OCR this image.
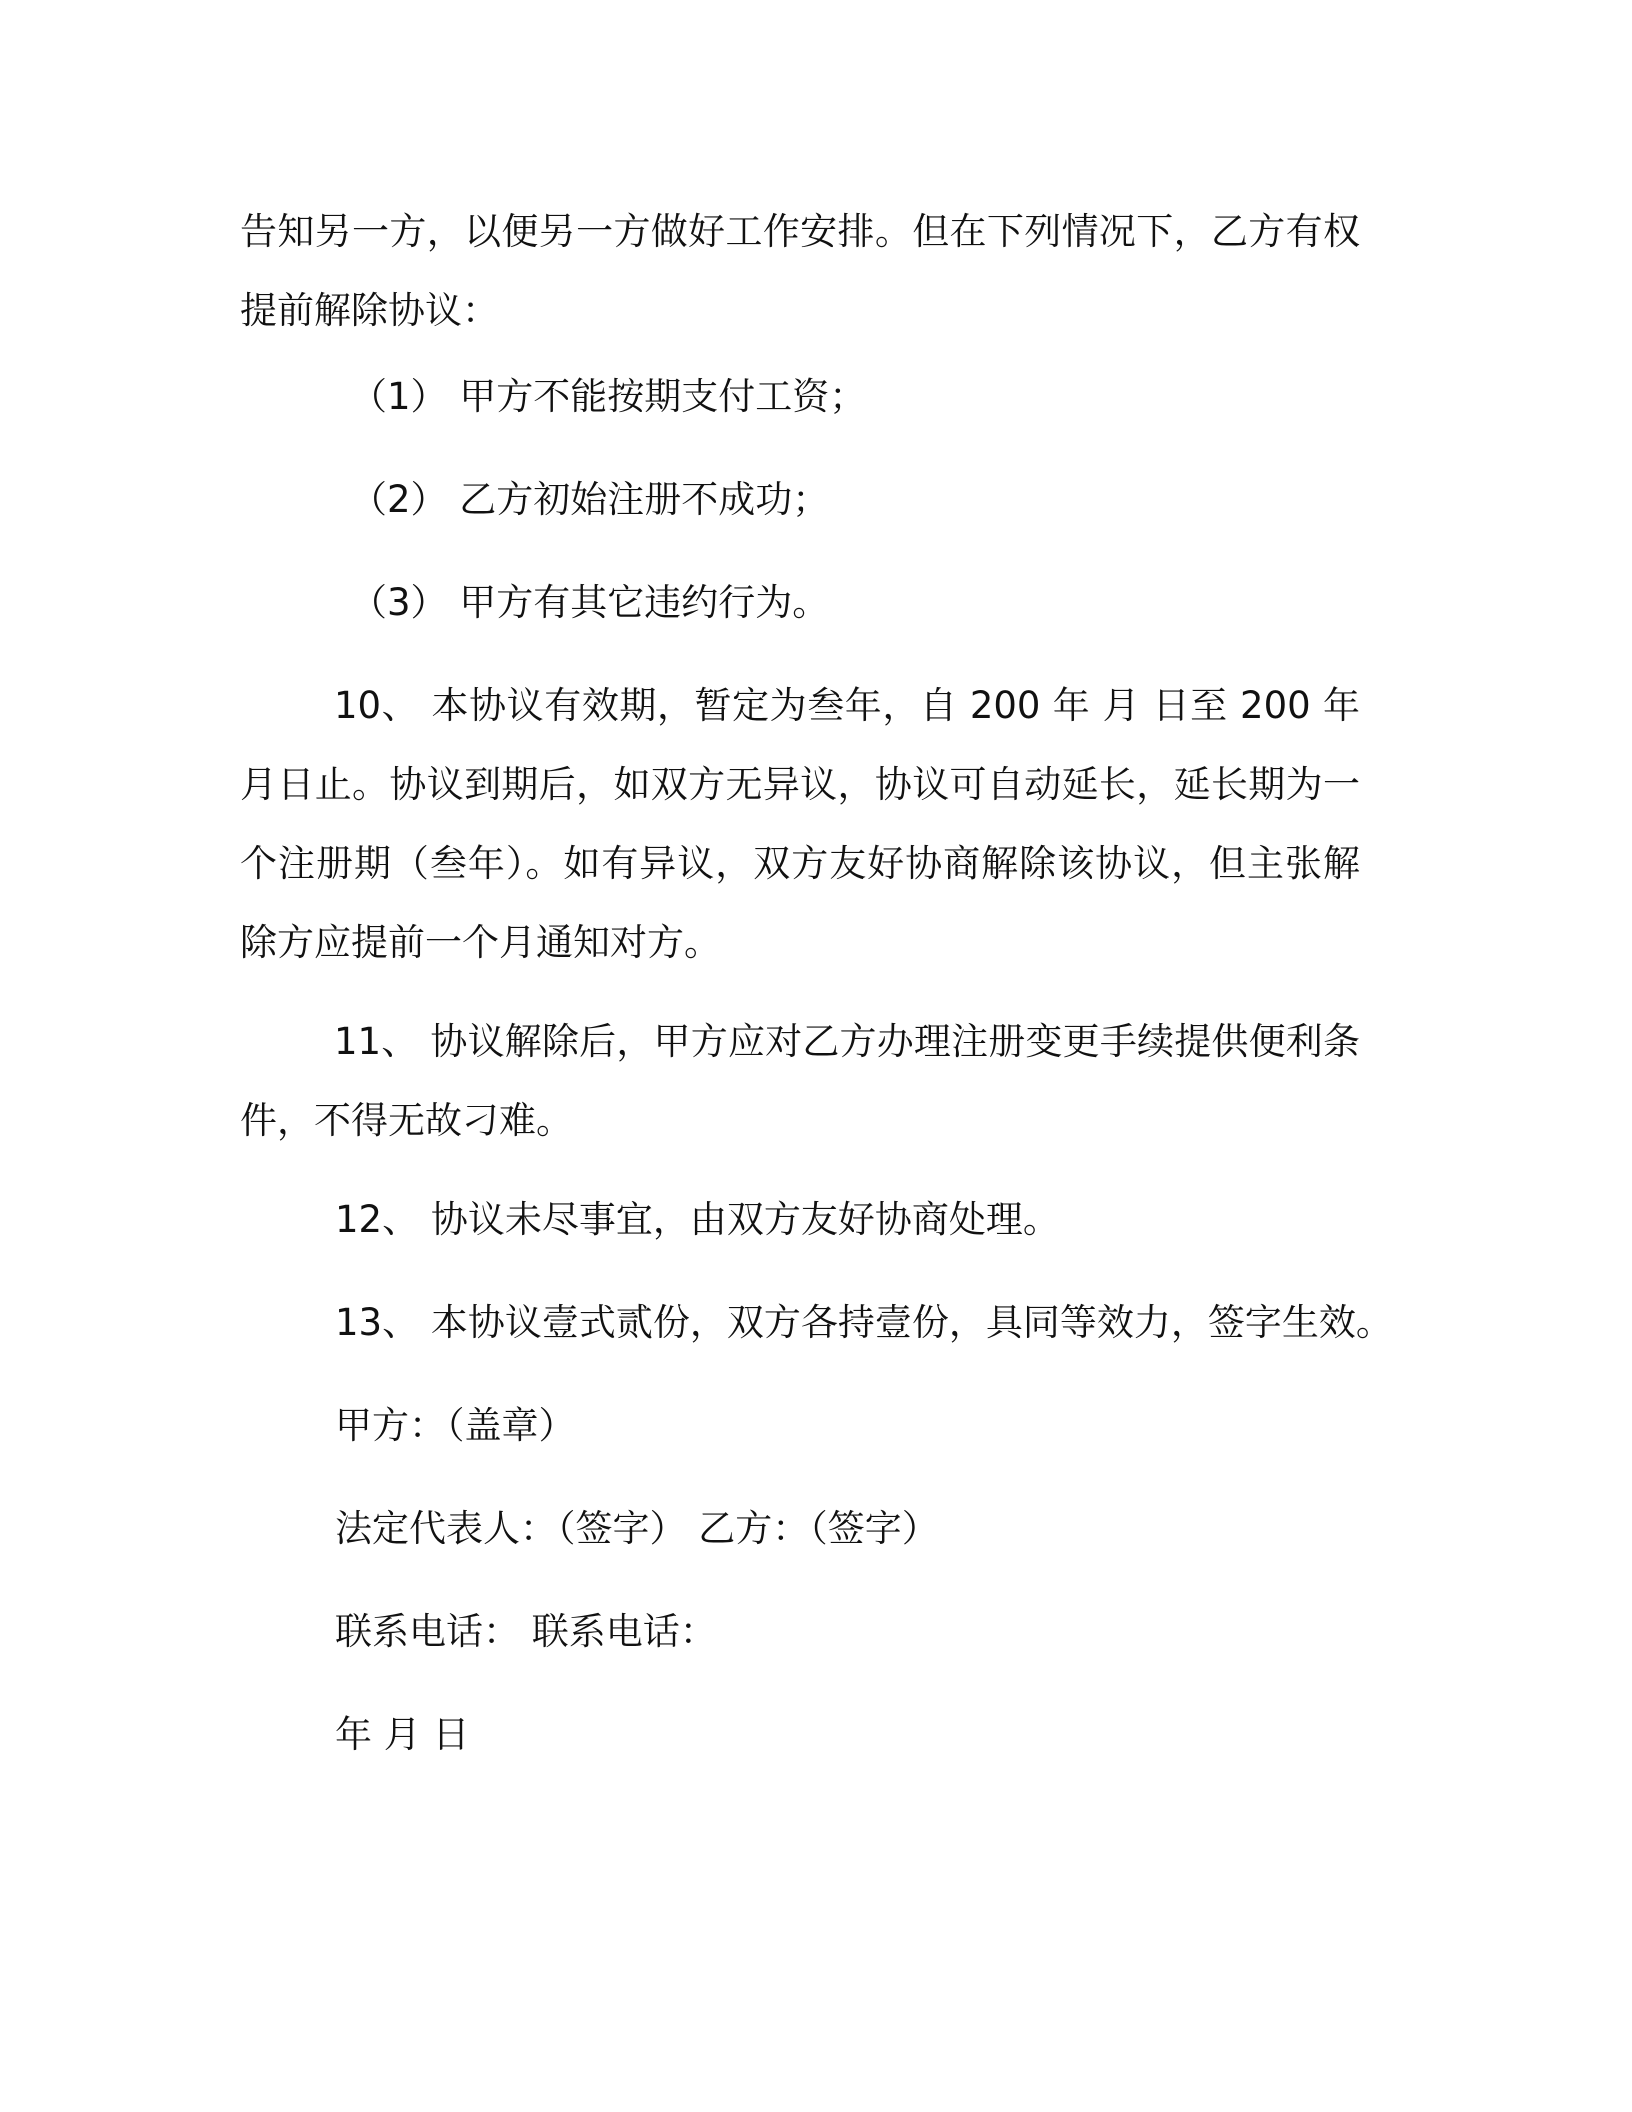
告知另一方，以便另一方做好工作安排。但在下列情况下，乙方有权提前解除协议：
（1） 甲方不能按期支付工资；
（2） 乙方初始注册不成功；
（3） 甲方有其它违约行为。
10、 本协议有效期，暂定为叁年，自 200 年 月 日至 200 年 月日止。协议到期后，如双方无异议，协议可自动延长，延长期为一个注册期（叁年）。如有异议，双方友好协商解除该协议，但主张解除方应提前一个月通知对方。
11、 协议解除后，甲方应对乙方办理注册变更手续提供便利条件，不得无故刁难。
12、 协议未尽事宜，由双方友好协商处理。
13、 本协议壹式贰份，双方各持壹份，具同等效力，签字生效。
甲方：（盖章）
法定代表人：（签字） 乙方：（签字）
联系电话： 联系电话：
年 月 日
